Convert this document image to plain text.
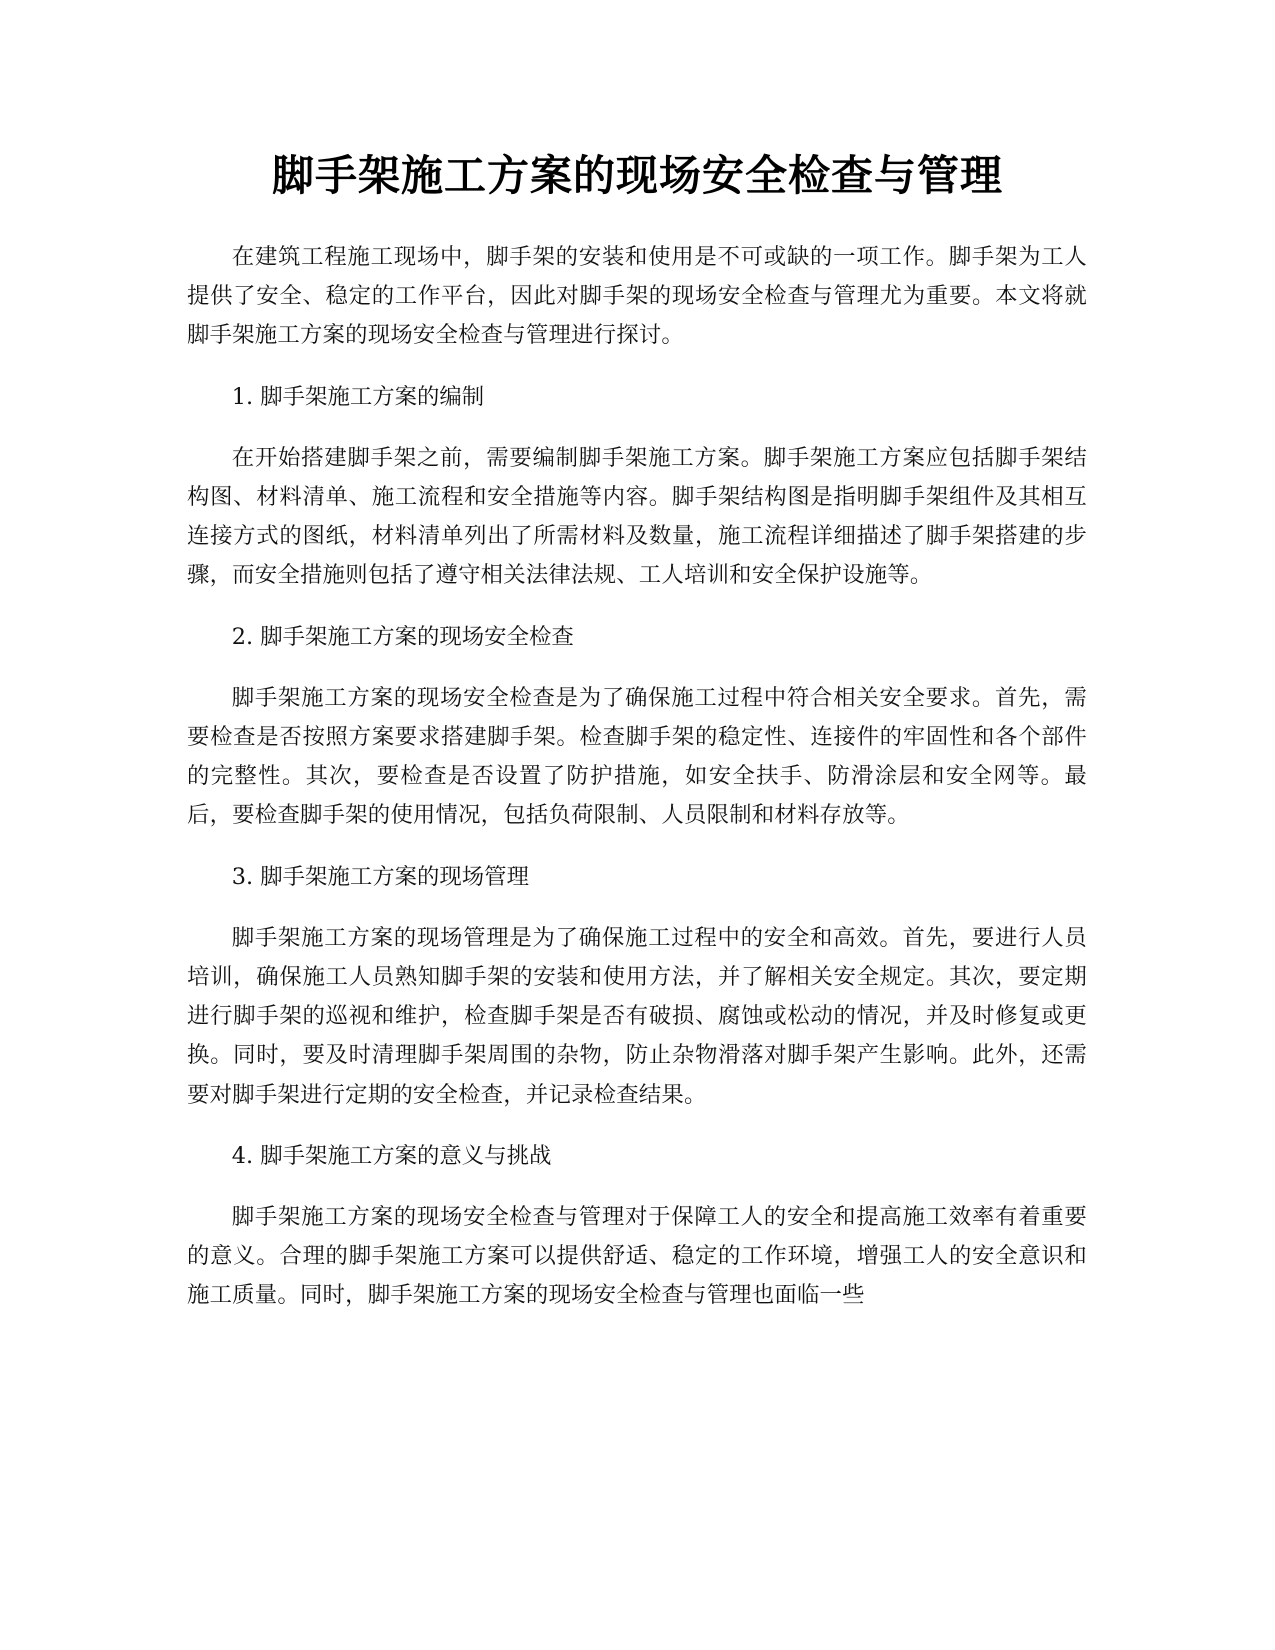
脚手架施工方案的现场安全检查与管理

在建筑工程施工现场中，脚手架的安装和使用是不可或缺的一项工作。脚手架为工人提供了安全、稳定的工作平台，因此对脚手架的现场安全检查与管理尤为重要。本文将就脚手架施工方案的现场安全检查与管理进行探讨。

1. 脚手架施工方案的编制

在开始搭建脚手架之前，需要编制脚手架施工方案。脚手架施工方案应包括脚手架结构图、材料清单、施工流程和安全措施等内容。脚手架结构图是指明脚手架组件及其相互连接方式的图纸，材料清单列出了所需材料及数量，施工流程详细描述了脚手架搭建的步骤，而安全措施则包括了遵守相关法律法规、工人培训和安全保护设施等。

2. 脚手架施工方案的现场安全检查

脚手架施工方案的现场安全检查是为了确保施工过程中符合相关安全要求。首先，需要检查是否按照方案要求搭建脚手架。检查脚手架的稳定性、连接件的牢固性和各个部件的完整性。其次，要检查是否设置了防护措施，如安全扶手、防滑涂层和安全网等。最后，要检查脚手架的使用情况，包括负荷限制、人员限制和材料存放等。

3. 脚手架施工方案的现场管理

脚手架施工方案的现场管理是为了确保施工过程中的安全和高效。首先，要进行人员培训，确保施工人员熟知脚手架的安装和使用方法，并了解相关安全规定。其次，要定期进行脚手架的巡视和维护，检查脚手架是否有破损、腐蚀或松动的情况，并及时修复或更换。同时，要及时清理脚手架周围的杂物，防止杂物滑落对脚手架产生影响。此外，还需要对脚手架进行定期的安全检查，并记录检查结果。

4. 脚手架施工方案的意义与挑战

脚手架施工方案的现场安全检查与管理对于保障工人的安全和提高施工效率有着重要的意义。合理的脚手架施工方案可以提供舒适、稳定的工作环境，增强工人的安全意识和施工质量。同时，脚手架施工方案的现场安全检查与管理也面临一些
